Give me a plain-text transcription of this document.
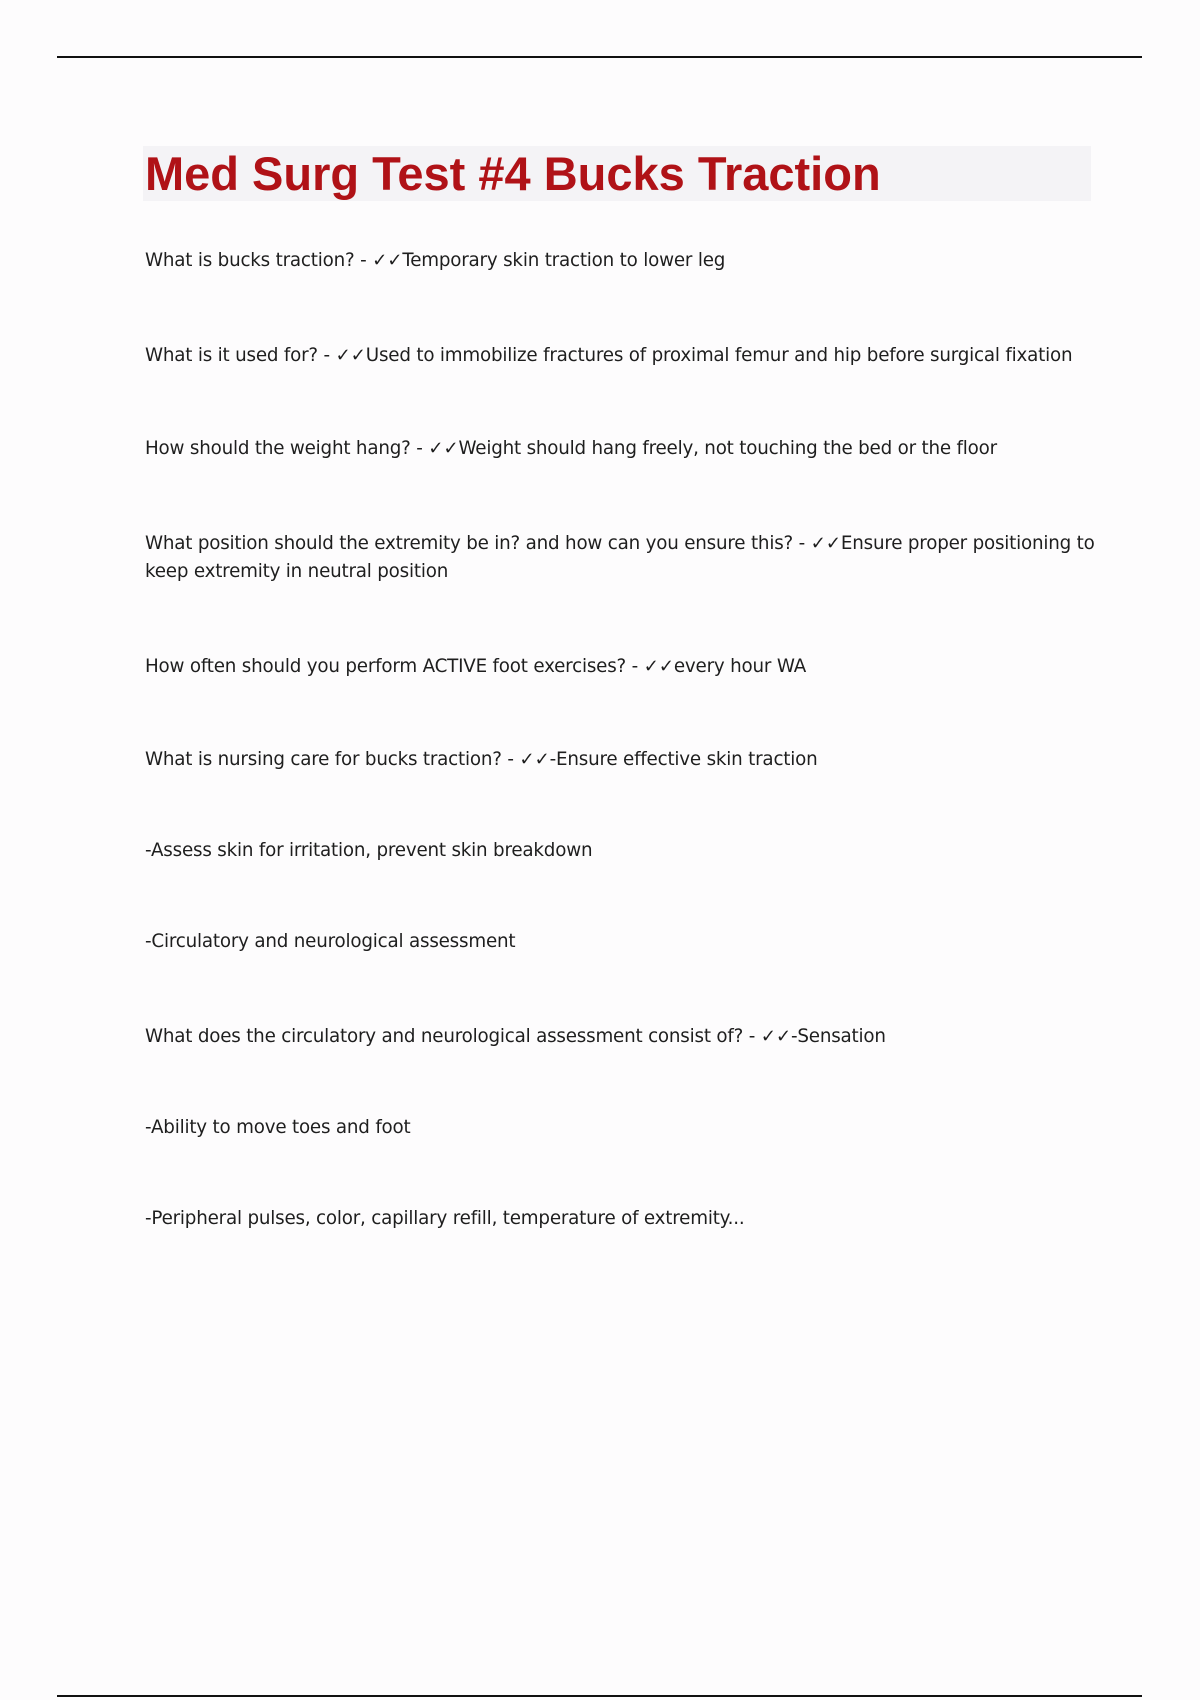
Med Surg Test #4 Bucks Traction

What is bucks traction? - ✓✓Temporary skin traction to lower leg

What is it used for? - ✓✓Used to immobilize fractures of proximal femur and hip before surgical fixation

How should the weight hang? - ✓✓Weight should hang freely, not touching the bed or the floor

What position should the extremity be in? and how can you ensure this? - ✓✓Ensure proper positioning to keep extremity in neutral position

How often should you perform ACTIVE foot exercises? - ✓✓every hour WA

What is nursing care for bucks traction? - ✓✓-Ensure effective skin traction

-Assess skin for irritation, prevent skin breakdown

-Circulatory and neurological assessment

What does the circulatory and neurological assessment consist of? - ✓✓-Sensation

-Ability to move toes and foot

-Peripheral pulses, color, capillary refill, temperature of extremity...
